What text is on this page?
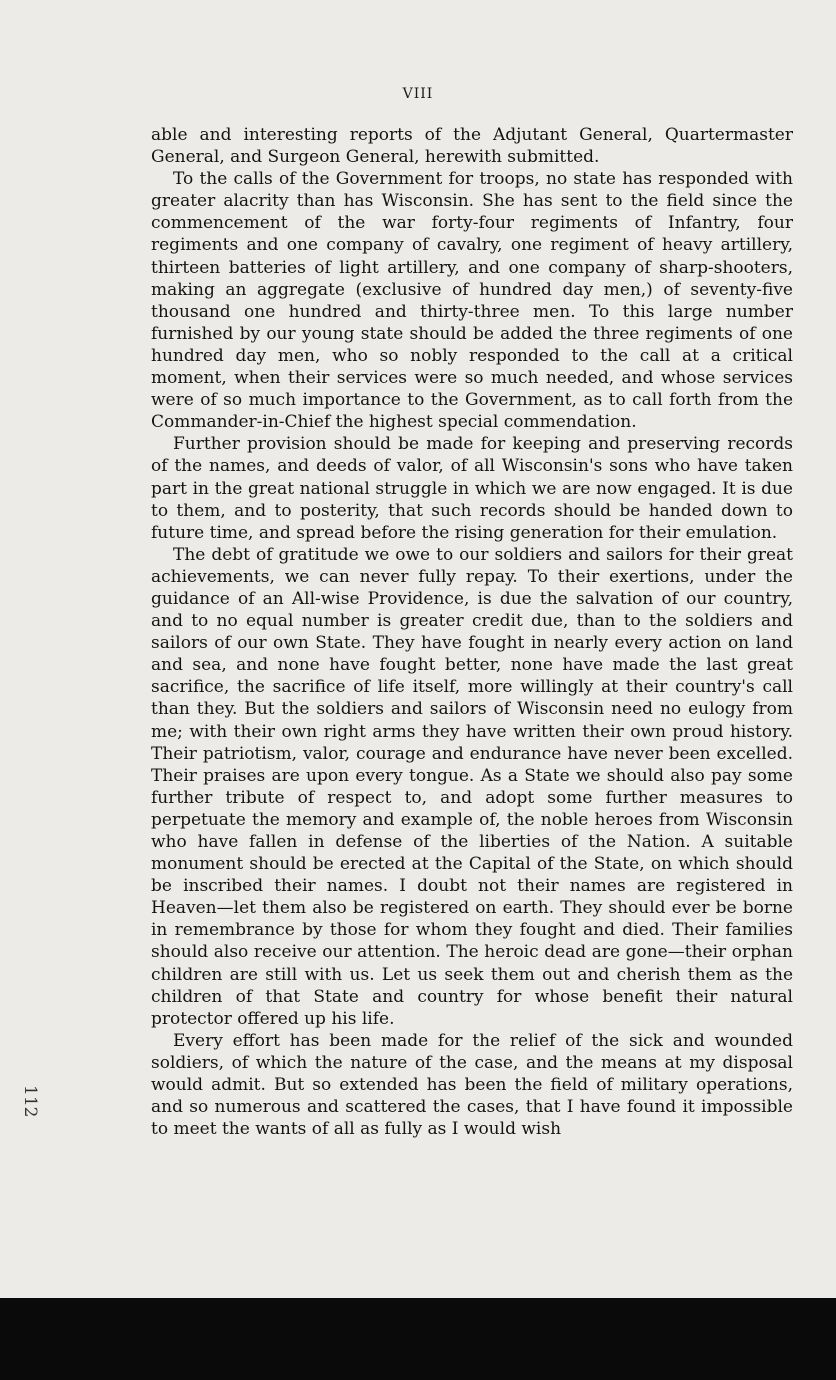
VIII

able and interesting reports of the Adjutant General, Quartermaster General, and Surgeon General, herewith submitted.

To the calls of the Government for troops, no state has responded with greater alacrity than has Wisconsin. She has sent to the field since the commencement of the war forty-four regiments of Infantry, four regiments and one company of cavalry, one regiment of heavy artillery, thirteen batteries of light artillery, and one company of sharp-shooters, making an aggregate (exclusive of hundred day men,) of seventy-five thousand one hundred and thirty-three men. To this large number furnished by our young state should be added the three regiments of one hundred day men, who so nobly responded to the call at a critical moment, when their services were so much needed, and whose services were of so much importance to the Government, as to call forth from the Commander-in-Chief the highest special commendation.

Further provision should be made for keeping and preserving records of the names, and deeds of valor, of all Wisconsin's sons who have taken part in the great national struggle in which we are now engaged. It is due to them, and to posterity, that such records should be handed down to future time, and spread before the rising generation for their emulation.

The debt of gratitude we owe to our soldiers and sailors for their great achievements, we can never fully repay. To their exertions, under the guidance of an All-wise Providence, is due the salvation of our country, and to no equal number is greater credit due, than to the soldiers and sailors of our own State. They have fought in nearly every action on land and sea, and none have fought better, none have made the last great sacrifice, the sacrifice of life itself, more willingly at their country's call than they. But the soldiers and sailors of Wisconsin need no eulogy from me; with their own right arms they have written their own proud history. Their patriotism, valor, courage and endurance have never been excelled. Their praises are upon every tongue. As a State we should also pay some further tribute of respect to, and adopt some further measures to perpetuate the memory and example of, the noble heroes from Wisconsin who have fallen in defense of the liberties of the Nation. A suitable monument should be erected at the Capital of the State, on which should be inscribed their names. I doubt not their names are registered in Heaven—let them also be registered on earth. They should ever be borne in remembrance by those for whom they fought and died. Their families should also receive our attention. The heroic dead are gone—their orphan children are still with us. Let us seek them out and cherish them as the children of that State and country for whose benefit their natural protector offered up his life.

Every effort has been made for the relief of the sick and wounded soldiers, of which the nature of the case, and the means at my disposal would admit. But so extended has been the field of military operations, and so numerous and scattered the cases, that I have found it impossible to meet the wants of all as fully as I would wish

112
